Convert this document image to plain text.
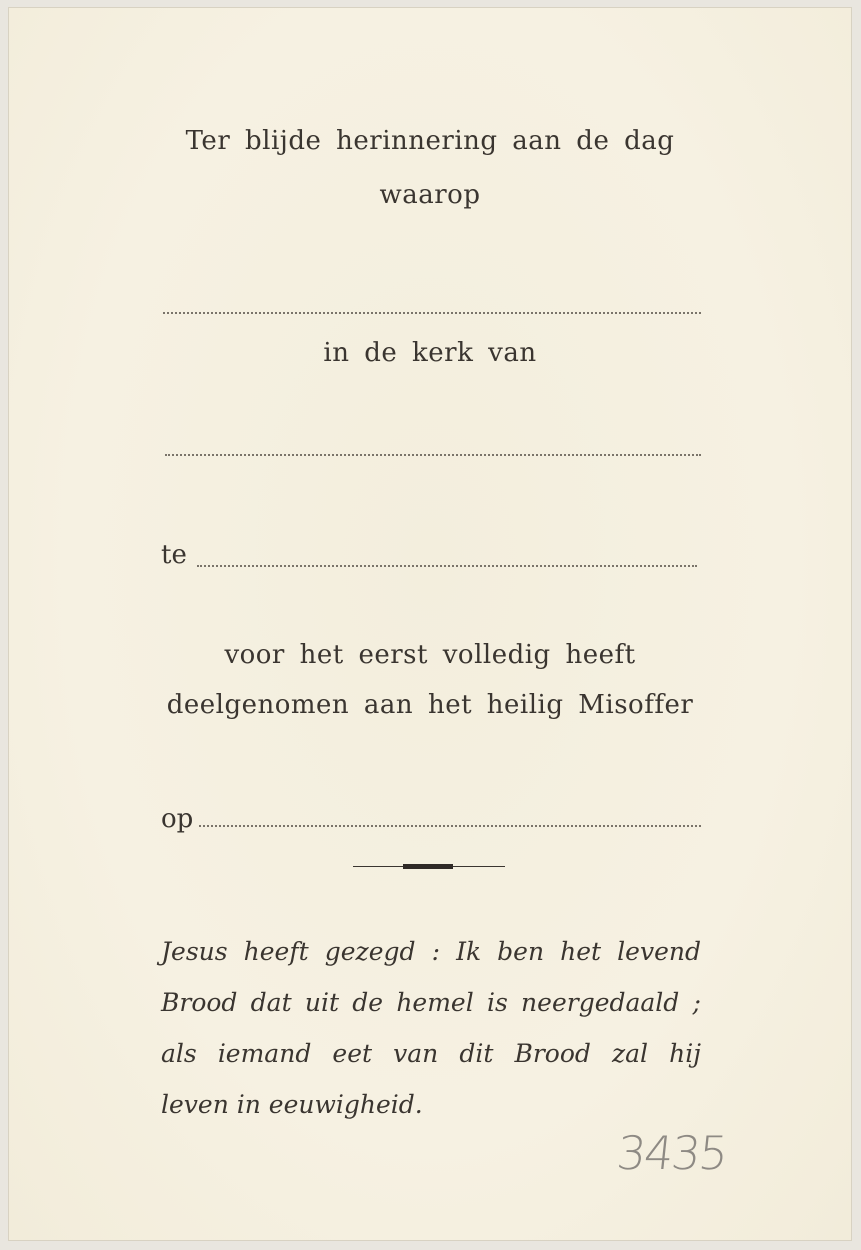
Ter blijde herinnering aan de dag
waarop
in de kerk van
te
voor het eerst volledig heeft
deelgenomen aan het heilig Misoffer
op
Jesus heeft gezegd : Ik ben het levend
Brood dat uit de hemel is neergedaald ;
als iemand eet van dit Brood zal hij
leven in eeuwigheid.
3435
